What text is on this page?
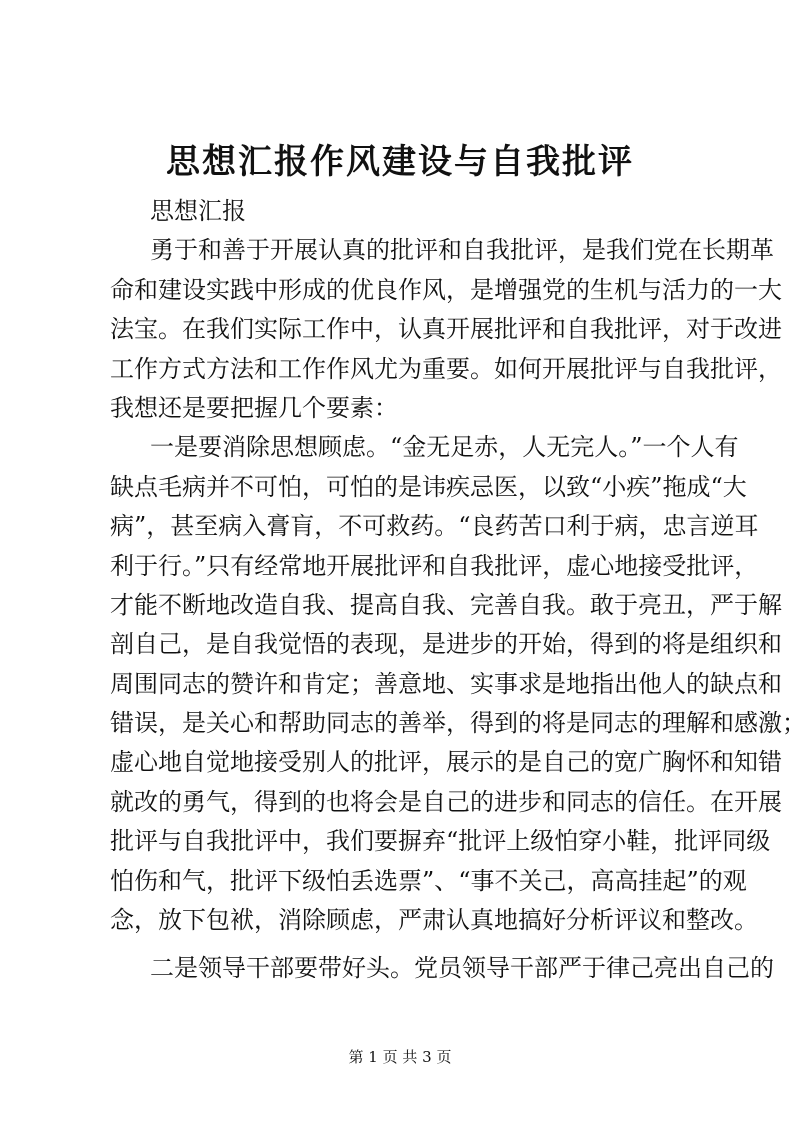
思想汇报作风建设与自我批评
思想汇报
勇于和善于开展认真的批评和自我批评，是我们党在长期革
命和建设实践中形成的优良作风，是增强党的生机与活力的一大
法宝。在我们实际工作中，认真开展批评和自我批评，对于改进
工作方式方法和工作作风尤为重要。如何开展批评与自我批评，
我想还是要把握几个要素：
一是要消除思想顾虑。“金无足赤，人无完人。”一个人有
缺点毛病并不可怕，可怕的是讳疾忌医，以致“小疾”拖成“大
病”，甚至病入膏肓，不可救药。“良药苦口利于病，忠言逆耳
利于行。”只有经常地开展批评和自我批评，虚心地接受批评，
才能不断地改造自我、提高自我、完善自我。敢于亮丑，严于解
剖自己，是自我觉悟的表现，是进步的开始，得到的将是组织和
周围同志的赞许和肯定；善意地、实事求是地指出他人的缺点和
错误，是关心和帮助同志的善举，得到的将是同志的理解和感激；
虚心地自觉地接受别人的批评，展示的是自己的宽广胸怀和知错
就改的勇气，得到的也将会是自己的进步和同志的信任。在开展
批评与自我批评中，我们要摒弃“批评上级怕穿小鞋，批评同级
怕伤和气，批评下级怕丢选票”、“事不关己，高高挂起”的观
念，放下包袱，消除顾虑，严肃认真地搞好分析评议和整改。
二是领导干部要带好头。党员领导干部严于律己亮出自己的
第 1 页 共 3 页
